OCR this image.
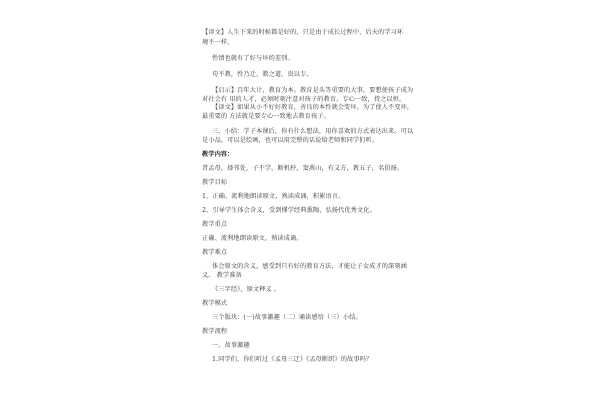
【译文】人生下来的时候都是好的，只是由于成长过程中，后天的学习环
境不一样，
性情也就有了好与坏的差别。
苟不教，性乃迁，教之道，贵以专。
【启示】百年大计，教育为本。教育是头等重要的大事，要想使孩子成为
对社会有 用的人才，必须时刻注意对孩子的教育，专心一致，持之以恒。
【译文】如果从小不好好教育，善良的本性就会变坏。为了使人不变坏，
最重要的 方法就是要专心一致地去教育孩子。
三、小结：学子本课后，你有什么想法，用你喜欢的方式表达出来。可以
是小品，可以是绘画，也可以用完整的话说给老师和同学们听。
教学内容：
昔孟母，择邻处，子不学，断机杼，窦燕山，有义方，教五子，名俱扬。
教学目标
1、正确、流利地朗读原文，熟读成诵，积累语言。
2、引导学生体会含义，受到懂学经典熏陶，弘扬代优秀文化。
教学重点
正确、流利地朗读原文，熟读成诵。
教学难点
体会原文的含义，感受到只有好的教育方法，才能让子女成才的深刻涵
义。 教学准备
《三字经》，原文释义 。
教学模式
三个版块：(一)故事激趣（二）诵读感悟（三）小结。
教学流程
一、故事激趣
1.同学们，你们听过《孟母三迁》《孟母断织》的故事吗？
